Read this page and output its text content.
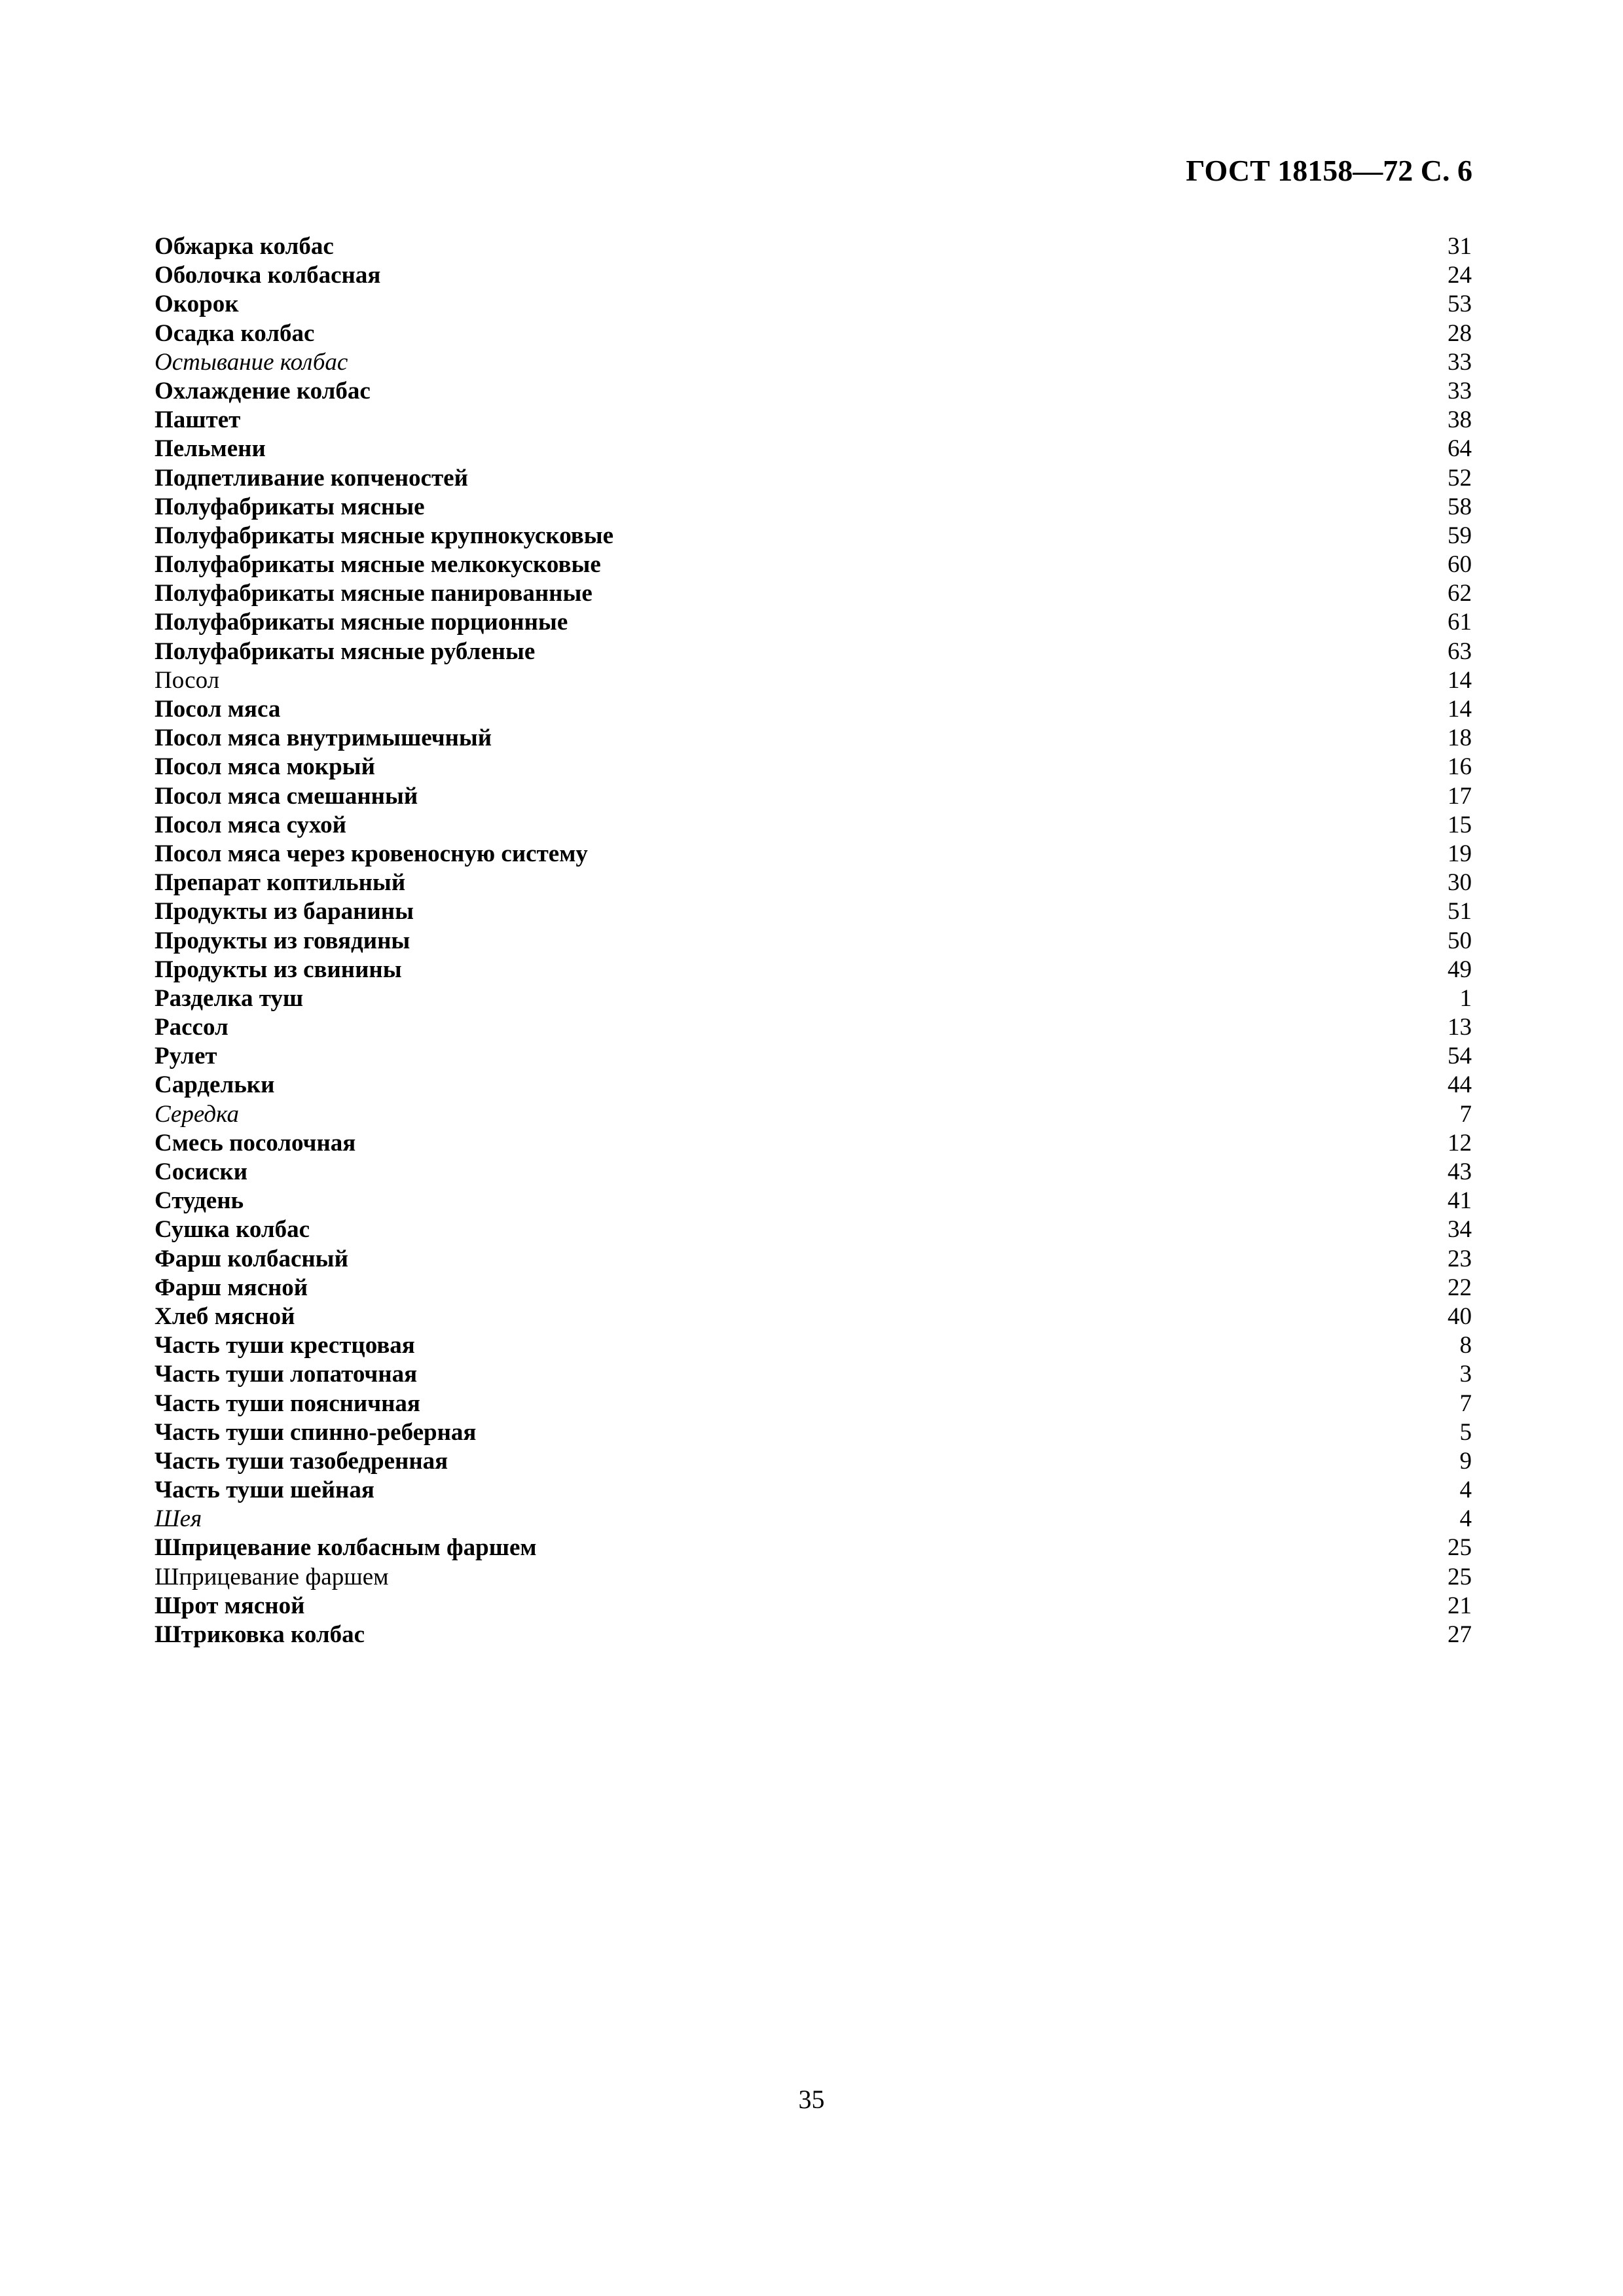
ГОСТ 18158—72 С. 6
Обжарка колбас	31
Оболочка колбасная	24
Окорок	53
Осадка колбас	28
Остывание колбас	33
Охлаждение колбас	33
Паштет	38
Пельмени	64
Подпетливание копченостей	52
Полуфабрикаты мясные	58
Полуфабрикаты мясные крупнокусковые	59
Полуфабрикаты мясные мелкокусковые	60
Полуфабрикаты мясные панированные	62
Полуфабрикаты мясные порционные	61
Полуфабрикаты мясные рубленые	63
Посол	14
Посол мяса	14
Посол мяса внутримышечный	18
Посол мяса мокрый	16
Посол мяса смешанный	17
Посол мяса сухой	15
Посол мяса через кровеносную систему	19
Препарат коптильный	30
Продукты из баранины	51
Продукты из говядины	50
Продукты из свинины	49
Разделка туш	1
Рассол	13
Рулет	54
Сардельки	44
Середка	7
Смесь посолочная	12
Сосиски	43
Студень	41
Сушка колбас	34
Фарш колбасный	23
Фарш мясной	22
Хлеб мясной	40
Часть туши крестцовая	8
Часть туши лопаточная	3
Часть туши поясничная	7
Часть туши спинно-реберная	5
Часть туши тазобедренная	9
Часть туши шейная	4
Шея	4
Шприцевание колбасным фаршем	25
Шприцевание фаршем	25
Шрот мясной	21
Штриковка колбас	27
35
